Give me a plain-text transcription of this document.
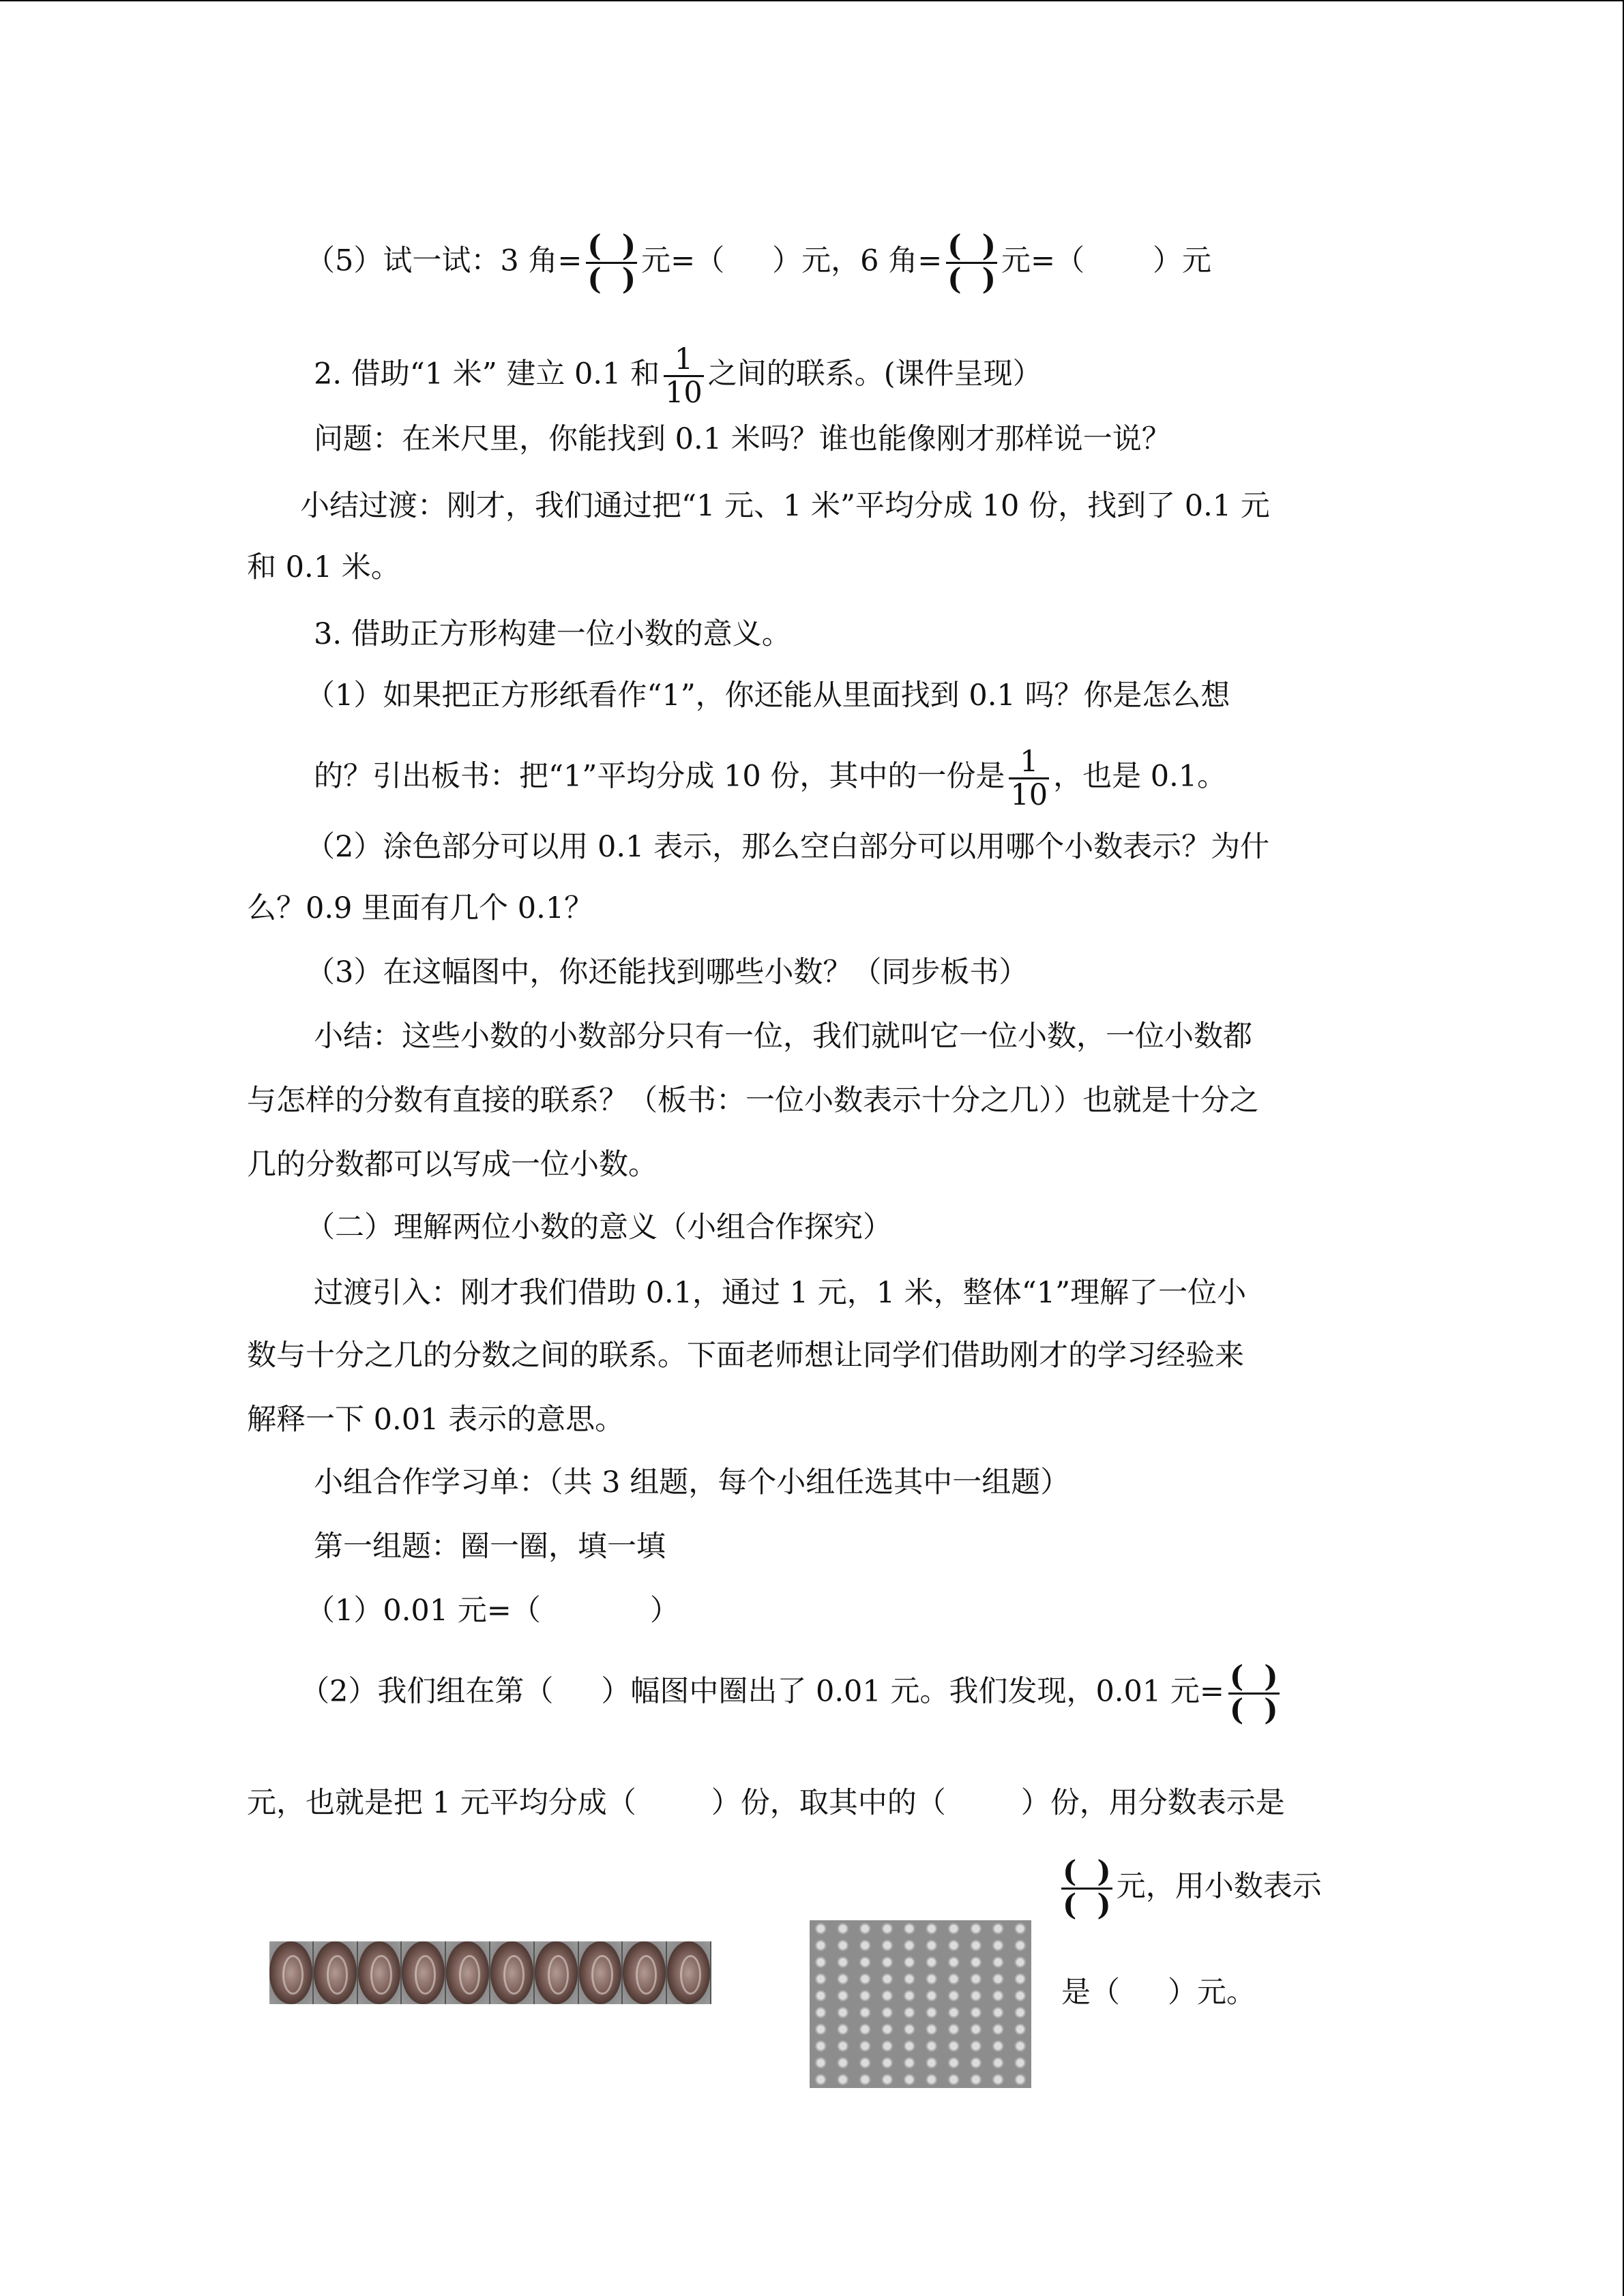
（5）试一试：3 角= $\frac{( )}{( )}$ 元=（ ）元，6 角= $\frac{( )}{( )}$ 元=（ ）元
2. 借助“1 米” 建立 0.1 和 $\frac{1}{10}$ 之间的联系。(课件呈现）
问题：在米尺里，你能找到 0.1 米吗？谁也能像刚才那样说一说？
小结过渡：刚才，我们通过把“1 元、1 米”平均分成 10 份，找到了 0.1 元
和 0.1 米。
3. 借助正方形构建一位小数的意义。
（1）如果把正方形纸看作“1”，你还能从里面找到 0.1 吗？你是怎么想
的？引出板书：把“1”平均分成 10 份，其中的一份是 $\frac{1}{10}$ ，也是 0.1。
（2）涂色部分可以用 0.1 表示，那么空白部分可以用哪个小数表示？为什
么？0.9 里面有几个 0.1？
（3）在这幅图中，你还能找到哪些小数？（同步板书）
小结：这些小数的小数部分只有一位，我们就叫它一位小数，一位小数都
与怎样的分数有直接的联系？（板书：一位小数表示十分之几））也就是十分之
几的分数都可以写成一位小数。
（二）理解两位小数的意义（小组合作探究）
过渡引入：刚才我们借助 0.1，通过 1 元，1 米，整体“1”理解了一位小
数与十分之几的分数之间的联系。下面老师想让同学们借助刚才的学习经验来
解释一下 0.01 表示的意思。
小组合作学习单：（共 3 组题，每个小组任选其中一组题）
第一组题：圈一圈，填一填
（1）0.01 元=（	）
（2）我们组在第（ ）幅图中圈出了 0.01 元。我们发现，0.01 元= $\frac{( )}{( )}$
元，也就是把 1 元平均分成（	）份，取其中的（	）份，用分数表示是
$\frac{( )}{( )}$ 元，用小数表示
是（ ）元。
